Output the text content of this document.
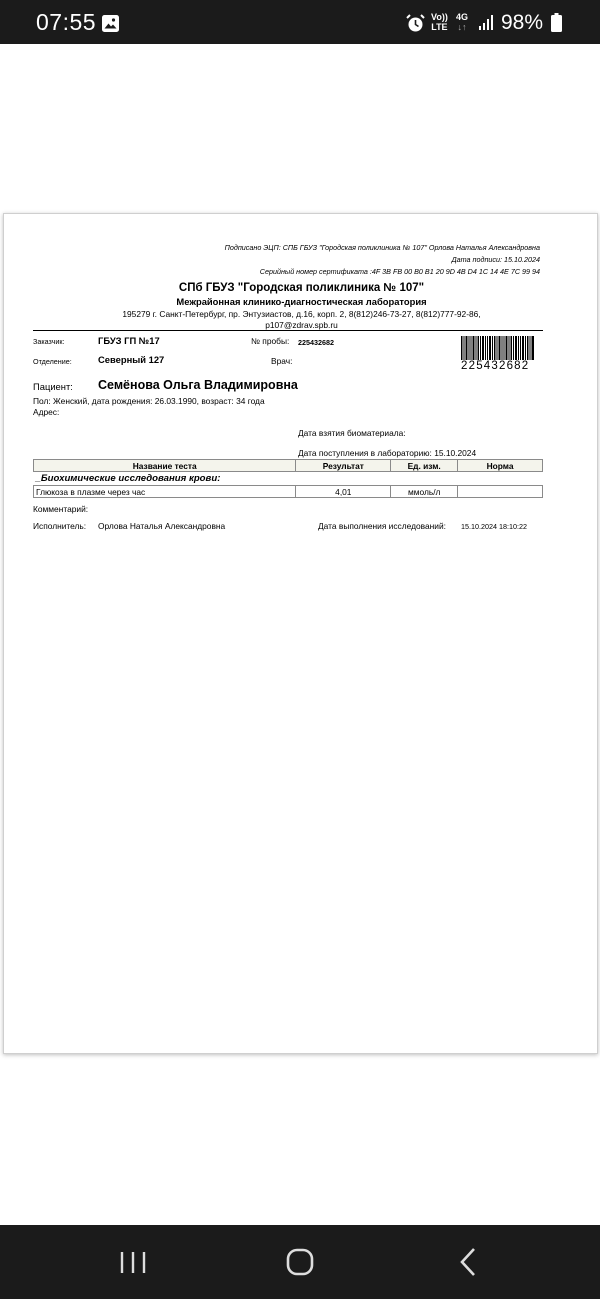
07:55	Vo))
LTE
4G
↓↑ 98%
Подписано ЭЦП: СПБ ГБУЗ "Городская поликлиника № 107" Орлова Наталья Александровна
Дата подписи: 15.10.2024
Серийный номер сертификата :4F 3B FB 00 B0 B1 20 9D 4B D4 1C 14 4E 7C 99 94
СПб ГБУЗ "Городская поликлиника № 107"
Межрайонная клинико-диагностическая лаборатория
195279 г. Санкт-Петербург, пр. Энтузиастов, д.16, корп. 2, 8(812)246-73-27, 8(812)777-92-86,
p107@zdrav.spb.ru
Заказчик:	ГБУЗ ГП №17	№ пробы: 225432682
225432682
Отделение:	Северный 127	Врач:
Пациент: Семёнова Ольга Владимировна
Пол: Женский, дата рождения: 26.03.1990, возраст: 34 года
Адрес:
Дата взятия биоматериала:
Дата поступления в лабораторию: 15.10.2024
Название теста	Результат	Ед. изм.	Норма
_Биохимические исследования крови:			
Глюкоза в плазме через час	4,01	ммоль/л	
Комментарий:
Исполнитель: Орлова Наталья Александровна	Дата выполнения исследований: 15.10.2024 18:10:22
